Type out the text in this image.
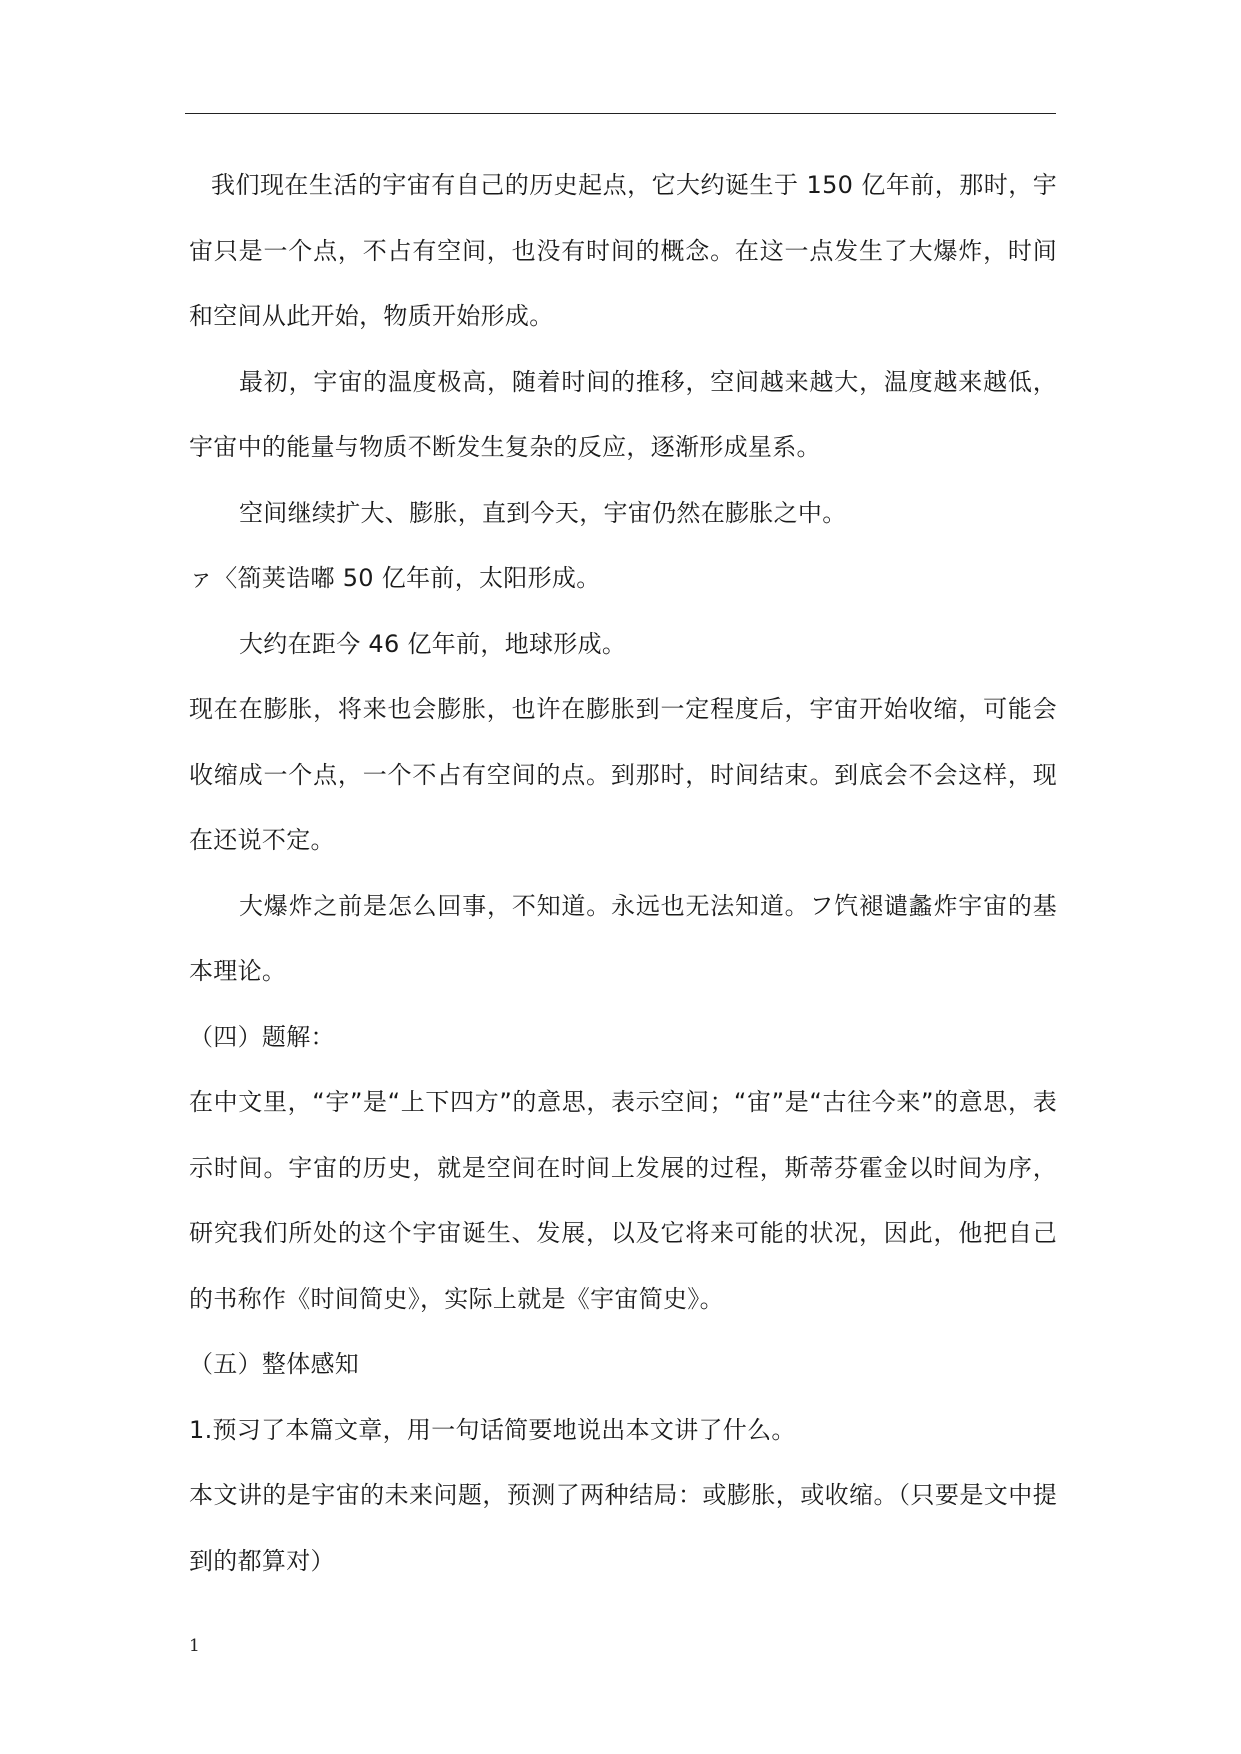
我们现在生活的宇宙有自己的历史起点，它大约诞生于 150 亿年前，那时，宇宙只是一个点，不占有空间，也没有时间的概念。在这一点发生了大爆炸，时间和空间从此开始，物质开始形成。

最初，宇宙的温度极高，随着时间的推移，空间越来越大，温度越来越低，宇宙中的能量与物质不断发生复杂的反应，逐渐形成星系。

空间继续扩大、膨胀，直到今天，宇宙仍然在膨胀之中。

ァ〈箚荚诰嘟 50 亿年前，太阳形成。

大约在距今 46 亿年前，地球形成。

现在在膨胀，将来也会膨胀，也许在膨胀到一定程度后，宇宙开始收缩，可能会收缩成一个点，一个不占有空间的点。到那时，时间结束。到底会不会这样，现在还说不定。

大爆炸之前是怎么回事，不知道。永远也无法知道。フ饩褪谴蠡炸宇宙的基本理论。

（四）题解：

在中文里，“宇”是“上下四方”的意思，表示空间；“宙”是“古往今来”的意思，表示时间。宇宙的历史，就是空间在时间上发展的过程，斯蒂芬霍金以时间为序，研究我们所处的这个宇宙诞生、发展，以及它将来可能的状况，因此，他把自己的书称作《时间简史》，实际上就是《宇宙简史》。

（五）整体感知

1.预习了本篇文章，用一句话简要地说出本文讲了什么。

本文讲的是宇宙的未来问题，预测了两种结局：或膨胀，或收缩。（只要是文中提到的都算对）

1
